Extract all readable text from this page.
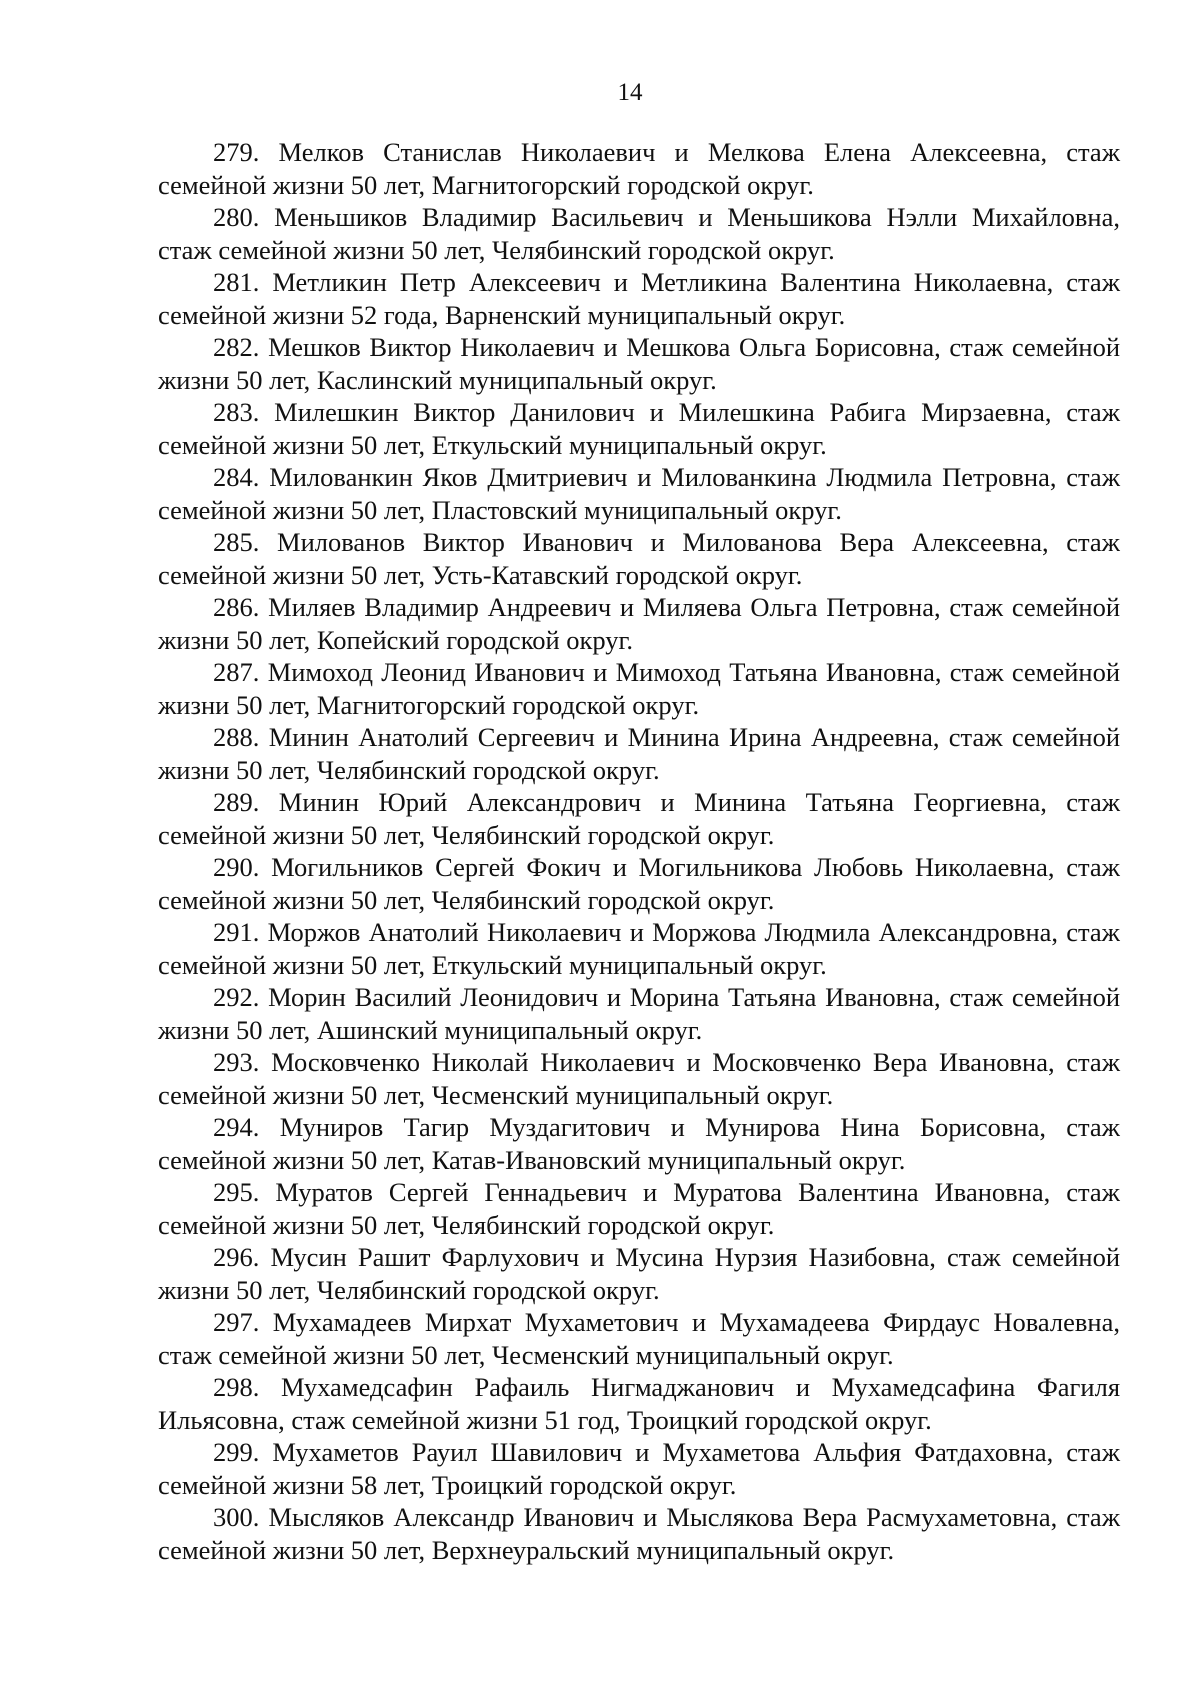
14

279. Мелков Станислав Николаевич и Мелкова Елена Алексеевна, стаж семейной жизни 50 лет, Магнитогорский городской округ.

280. Меньшиков Владимир Васильевич и Меньшикова Нэлли Михайловна, стаж семейной жизни 50 лет, Челябинский городской округ.

281. Метликин Петр Алексеевич и Метликина Валентина Николаевна, стаж семейной жизни 52 года, Варненский муниципальный округ.

282. Мешков Виктор Николаевич и Мешкова Ольга Борисовна, стаж семейной жизни 50 лет, Каслинский муниципальный округ.

283. Милешкин Виктор Данилович и Милешкина Рабига Мирзаевна, стаж семейной жизни 50 лет, Еткульский муниципальный округ.

284. Милованкин Яков Дмитриевич и Милованкина Людмила Петровна, стаж семейной жизни 50 лет, Пластовский муниципальный округ.

285. Милованов Виктор Иванович и Милованова Вера Алексеевна, стаж семейной жизни 50 лет, Усть-Катавский городской округ.

286. Миляев Владимир Андреевич и Миляева Ольга Петровна, стаж семейной жизни 50 лет, Копейский городской округ.

287. Мимоход Леонид Иванович и Мимоход Татьяна Ивановна, стаж семейной жизни 50 лет, Магнитогорский городской округ.

288. Минин Анатолий Сергеевич и Минина Ирина Андреевна, стаж семейной жизни 50 лет, Челябинский городской округ.

289. Минин Юрий Александрович и Минина Татьяна Георгиевна, стаж семейной жизни 50 лет, Челябинский городской округ.

290. Могильников Сергей Фокич и Могильникова Любовь Николаевна, стаж семейной жизни 50 лет, Челябинский городской округ.

291. Моржов Анатолий Николаевич и Моржова Людмила Александровна, стаж семейной жизни 50 лет, Еткульский муниципальный округ.

292. Морин Василий Леонидович и Морина Татьяна Ивановна, стаж семейной жизни 50 лет, Ашинский муниципальный округ.

293. Московченко Николай Николаевич и Московченко Вера Ивановна, стаж семейной жизни 50 лет, Чесменский муниципальный округ.

294. Муниров Тагир Муздагитович и Мунирова Нина Борисовна, стаж семейной жизни 50 лет, Катав-Ивановский муниципальный округ.

295. Муратов Сергей Геннадьевич и Муратова Валентина Ивановна, стаж семейной жизни 50 лет, Челябинский городской округ.

296. Мусин Рашит Фарлухович и Мусина Нурзия Назибовна, стаж семейной жизни 50 лет, Челябинский городской округ.

297. Мухамадеев Мирхат Мухаметович и Мухамадеева Фирдаус Новалевна, стаж семейной жизни 50 лет, Чесменский муниципальный округ.

298. Мухамедсафин Рафаиль Нигмаджанович и Мухамедсафина Фагиля Ильясовна, стаж семейной жизни 51 год, Троицкий городской округ.

299. Мухаметов Рауил Шавилович и Мухаметова Альфия Фатдаховна, стаж семейной жизни 58 лет, Троицкий городской округ.

300. Мысляков Александр Иванович и Мыслякова Вера Расмухаметовна, стаж семейной жизни 50 лет, Верхнеуральский муниципальный округ.
